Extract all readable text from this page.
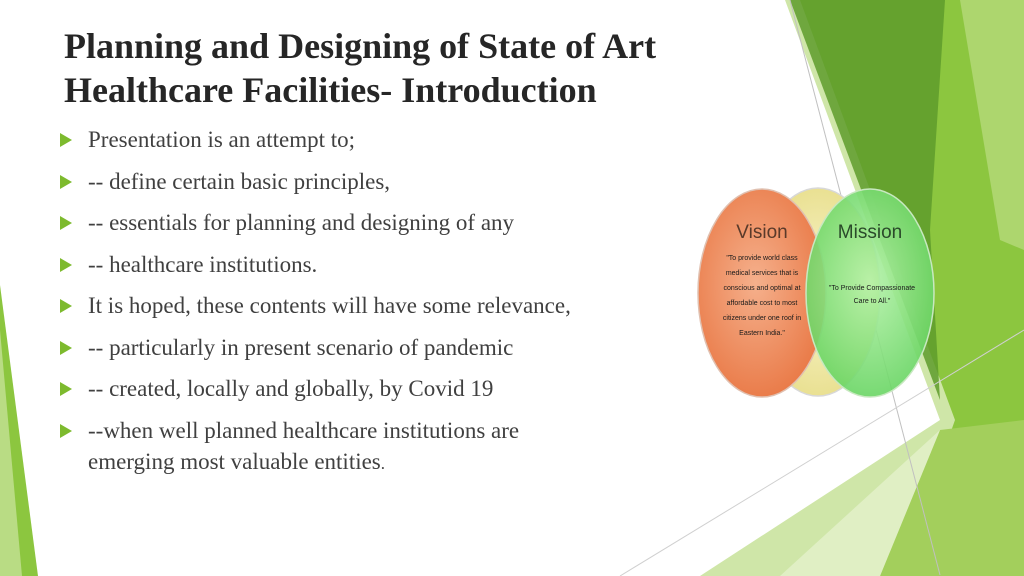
Planning and Designing of State of Art
Healthcare Facilities- Introduction
Presentation is an attempt to;
-- define certain basic principles,
-- essentials for planning and designing of any
-- healthcare institutions.
It is hoped, these contents will have some relevance,
-- particularly in present scenario of pandemic
-- created, locally and globally, by Covid 19
--when well planned healthcare institutions are
emerging most valuable entities.
Vision
"To provide world class
medical services that is
conscious and optimal at
affordable cost to most
citizens under one roof in
Eastern India."
Mission
"To Provide Compassionate
Care to All."
